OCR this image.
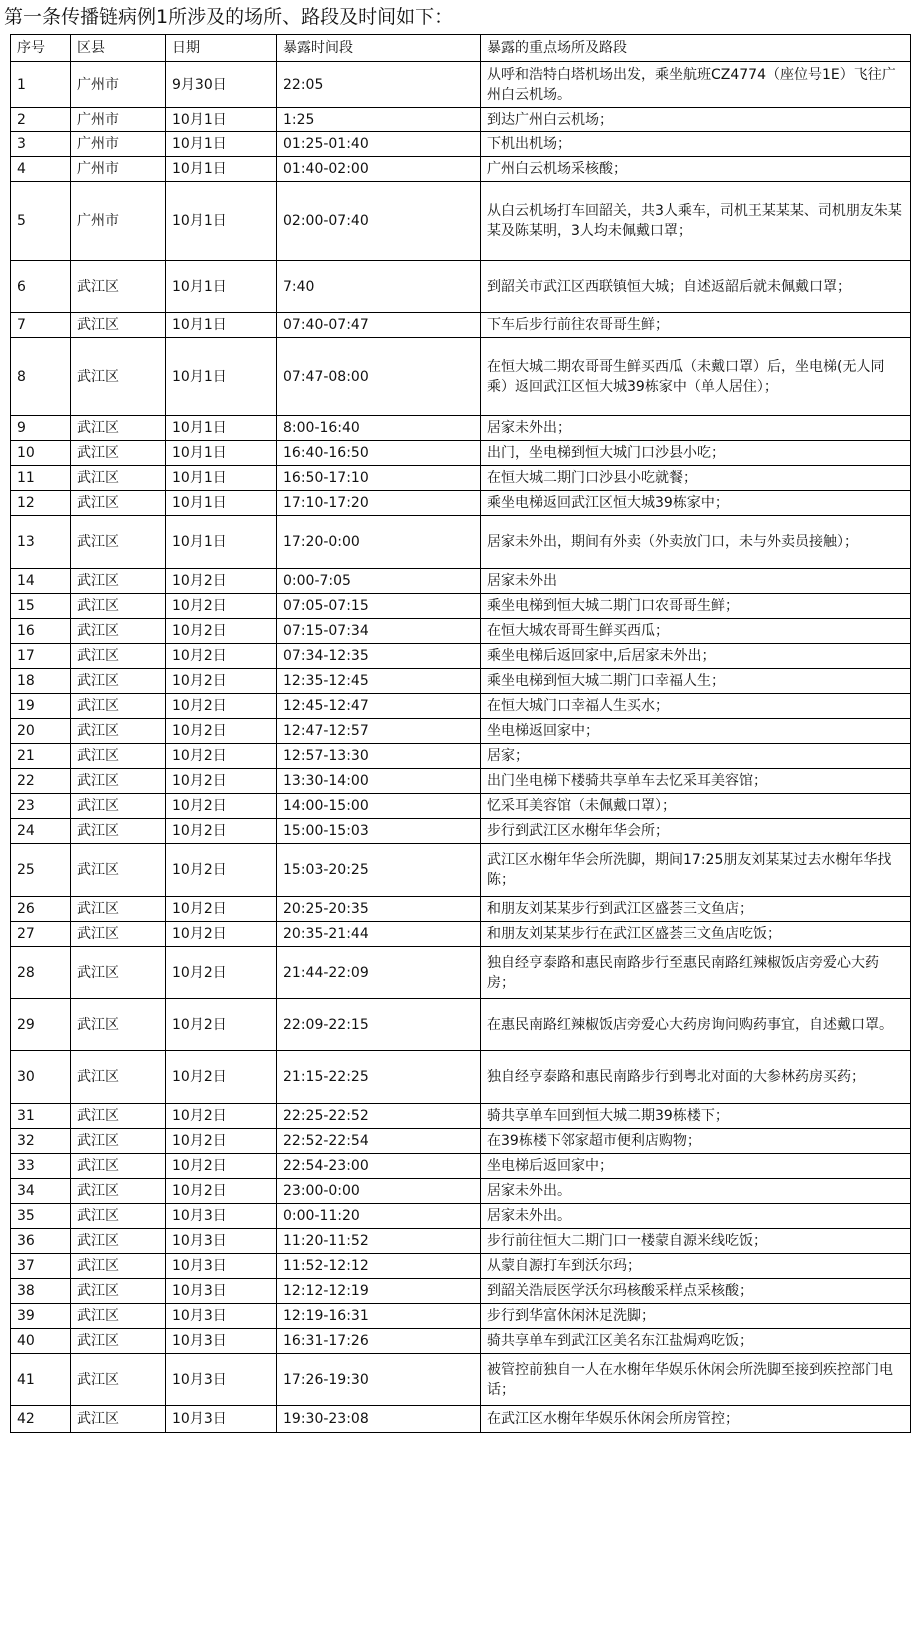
第一条传播链病例1所涉及的场所、路段及时间如下：
序号	区县	日期	暴露时间段	暴露的重点场所及路段
1	广州市	9月30日	22:05	从呼和浩特白塔机场出发，乘坐航班CZ4774（座位号1E）飞往广州白云机场。
2	广州市	10月1日	1:25	到达广州白云机场；
3	广州市	10月1日	01:25-01:40	下机出机场；
4	广州市	10月1日	01:40-02:00	广州白云机场采核酸；
5	广州市	10月1日	02:00-07:40	从白云机场打车回韶关，共3人乘车，司机王某某某、司机朋友朱某某及陈某明，3人均未佩戴口罩；
6	武江区	10月1日	7:40	到韶关市武江区西联镇恒大城；自述返韶后就未佩戴口罩；
7	武江区	10月1日	07:40-07:47	下车后步行前往农哥哥生鲜；
8	武江区	10月1日	07:47-08:00	在恒大城二期农哥哥生鲜买西瓜（未戴口罩）后，坐电梯(无人同乘）返回武江区恒大城39栋家中（单人居住）；
9	武江区	10月1日	8:00-16:40	居家未外出；
10	武江区	10月1日	16:40-16:50	出门，坐电梯到恒大城门口沙县小吃；
11	武江区	10月1日	16:50-17:10	在恒大城二期门口沙县小吃就餐；
12	武江区	10月1日	17:10-17:20	乘坐电梯返回武江区恒大城39栋家中；
13	武江区	10月1日	17:20-0:00	居家未外出，期间有外卖（外卖放门口，未与外卖员接触）；
14	武江区	10月2日	0:00-7:05	居家未外出
15	武江区	10月2日	07:05-07:15	乘坐电梯到恒大城二期门口农哥哥生鲜；
16	武江区	10月2日	07:15-07:34	在恒大城农哥哥生鲜买西瓜；
17	武江区	10月2日	07:34-12:35	乘坐电梯后返回家中,后居家未外出；
18	武江区	10月2日	12:35-12:45	乘坐电梯到恒大城二期门口幸福人生；
19	武江区	10月2日	12:45-12:47	在恒大城门口幸福人生买水；
20	武江区	10月2日	12:47-12:57	坐电梯返回家中；
21	武江区	10月2日	12:57-13:30	居家；
22	武江区	10月2日	13:30-14:00	出门坐电梯下楼骑共享单车去忆采耳美容馆；
23	武江区	10月2日	14:00-15:00	忆采耳美容馆（未佩戴口罩）；
24	武江区	10月2日	15:00-15:03	步行到武江区水榭年华会所；
25	武江区	10月2日	15:03-20:25	武江区水榭年华会所洗脚，期间17:25朋友刘某某过去水榭年华找陈；
26	武江区	10月2日	20:25-20:35	和朋友刘某某步行到武江区盛荟三文鱼店；
27	武江区	10月2日	20:35-21:44	和朋友刘某某步行在武江区盛荟三文鱼店吃饭；
28	武江区	10月2日	21:44-22:09	独自经亨泰路和惠民南路步行至惠民南路红辣椒饭店旁爱心大药房；
29	武江区	10月2日	22:09-22:15	在惠民南路红辣椒饭店旁爱心大药房询问购药事宜，自述戴口罩。
30	武江区	10月2日	21:15-22:25	独自经亨泰路和惠民南路步行到粤北对面的大参林药房买药；
31	武江区	10月2日	22:25-22:52	骑共享单车回到恒大城二期39栋楼下；
32	武江区	10月2日	22:52-22:54	在39栋楼下邻家超市便利店购物；
33	武江区	10月2日	22:54-23:00	坐电梯后返回家中；
34	武江区	10月2日	23:00-0:00	居家未外出。
35	武江区	10月3日	0:00-11:20	居家未外出。
36	武江区	10月3日	11:20-11:52	步行前往恒大二期门口一楼蒙自源米线吃饭；
37	武江区	10月3日	11:52-12:12	从蒙自源打车到沃尔玛；
38	武江区	10月3日	12:12-12:19	到韶关浩辰医学沃尔玛核酸采样点采核酸；
39	武江区	10月3日	12:19-16:31	步行到华富休闲沐足洗脚；
40	武江区	10月3日	16:31-17:26	骑共享单车到武江区美名东江盐焗鸡吃饭；
41	武江区	10月3日	17:26-19:30	被管控前独自一人在水榭年华娱乐休闲会所洗脚至接到疾控部门电话；
42	武江区	10月3日	19:30-23:08	在武江区水榭年华娱乐休闲会所房管控；
